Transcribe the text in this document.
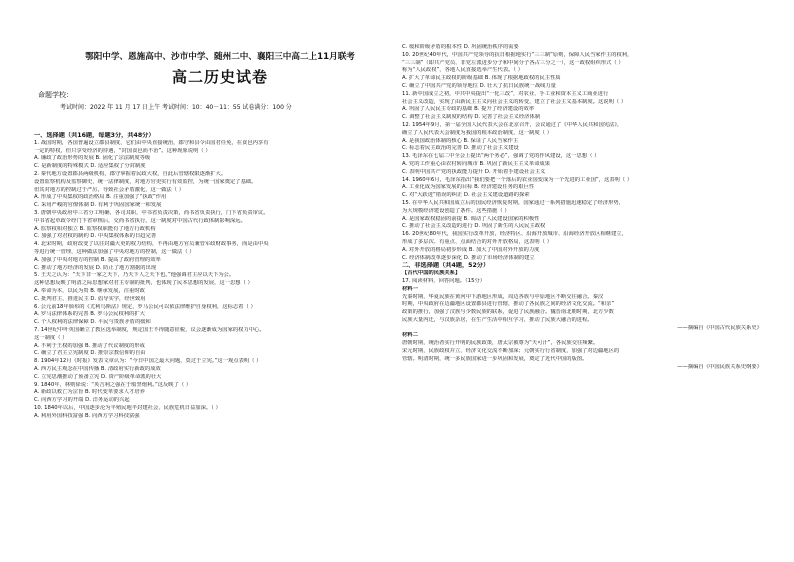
鄂阳中学、恩施高中、沙市中学、随州二中、襄阳三中高二上11月联考
高二历史试卷
命题学校：
考试时间：2022 年 11 月 17 日上午 考试时间：10：40－11：55 试卷满分：100 分
一、选择题（共16题，每题3分，共48分）
1. 战国时期，各国普遍设立郡县制度，它们由中央直接统治，郡守和县令由国君任免，在食邑内享有
一定的特权，但只享受经济的待遇，“封国食邑而不治”。这种现象说明（ ）
A. 廉政了政治形势的发展 B. 固化了宗法制度等级
C. 是新制度的特殊模式 D. 适应集权了分封制度
2. 秦代地方设置郡县两级机构，郡守掌握着民政大权，自此后管辖权限逐渐扩大。
设置监察机构及监察御史，统一法律制度，对地方官吏实行有效监控，为统一国家奠定了基础。
但其对地方的控制过于严厉，导致社会矛盾激化，这一做法（ ）
A. 形成了中央集权的政治格局 B. 注重加强了“执政”作用
C. 采用严峻的官僚体制 D. 有利于巩固国家统一和发展
3. 唐朝中央政府中三省分工明确，各司其职，中书省负责决策，尚书省负责执行，门下省负责审议。
中书省起草政令经门下省审核后，交尚书省执行，这一制度对中国古代行政体制影响深远。
A. 监察权相对独立 B. 监察权职能有了地方行政机构
C. 加强了对君权的制约 D. 中央集权体系的日趋完善
4. 北宋时期，政府改变了以往封疆大吏的权力结构，不再由地方官员兼管军政财政事务，而是由中央
等进行统一管理，这种做法加强了中央对地方的控制，这一做法（ ）
A. 加强了中央对地方的控制 B. 提高了政府管理的效率
C. 推动了地方经济的发展 D. 防止了地方割据的出现
5. 王夫之认为：“天下非一家之天下，乃天下人之天下也。”他强调君主应以天下为公。
这种思想反映了明清之际思想家对君主专制的批判，也体现了民本思想的发展，这一思想（ ）
A. 奉命为本，以民为贵 B. 继承发展，注重时政
C. 批判君主，推进民主 D. 倡导实学，经世致用
6. 公元前18年颁布的《尤利乌斯法》规定，罗马公民可以依法律维护自身权利，这标志着（ ）
A. 罗马法律体系的完善 B. 罗马公民权利的扩大
C. 个人权利的法律保障 D. 平民与贵族矛盾的缓和
7. 14世纪中叶英国确立了教区选举制度，规定国王不得随意征税，议会逐渐成为国家的权力中心。
这一制度（ ）
A. 不利于王权的加强 B. 推动了代议制度的形成
C. 确立了君主立宪制度 D. 推崇宗教信仰的自由
8. 1904年12月《时报》发表文章认为：“今日中国之最大问题，莫过于立宪。”这一观点表明（ ）
A. 西方民主观念在中国传播 B. 清政府实行新政的成效
C. 立宪思潮推动了预备立宪 D. 资产阶级革命派的壮大
9. 1840年，林则徐说：“英吉利之强在于船坚炮利。”这反映了（ ）
A. 新政以救亡为宗旨 B. 时代变革要求人才培养
C. 向西方学习的开端 D. 洋务运动的兴起
10. 1840年以后，中国逐步沦为半殖民地半封建社会，民族危机日益加深。（ ）
A. 利用外国科技富强 B. 向西方学习科技富强
C. 缓和阶级矛盾的根本性 D. 巩固统治秩序的需要
10. 20世纪40年代，中国共产党领导的抗日根据地实行“三三制”原则，保障人民当家作主的权利，
“三三制”（即共产党员、非党左派进步分子和中间分子各占三分之一），这一政权组织形式（ ）
称为“人民政权”，各地人民直接选举产生代表。（ ）
A. 扩大了革命民主政权的阶级基础 B. 体现了根据地政权的民主性质
C. 确立了中国共产党的领导地位 D. 壮大了抗日民族统一战线力量
11. 新中国成立之初，中共中央提出“一化三改”，对农业、手工业和资本主义工商业进行
社会主义改造，实现了由新民主主义向社会主义的转变，建立了社会主义基本制度。这说明（ ）
A. 巩固了人民民主专政的基础 B. 提升了经济建设的效率
C. 调整了社会主义制度的结构 D. 完善了社会主义经济体制
12. 1954年9月，第一届全国人民代表大会在北京召开，会议通过了《中华人民共和国宪法》，
确立了人民代表大会制度为我国的根本政治制度，这一制度（ ）
A. 是我国政治体制的核心 B. 保证了人民当家作主
C. 标志着民主政治的完善 D. 推动了社会主义建设
13. 毛泽东在七届二中全会上提出“两个务必”，强调了党的作风建设，这一思想（ ）
A. 党的工作重心由农村转向城市 B. 巩固了新民主主义革命成果
C. 表明中国共产党的执政能力提升 D. 开始着手建设社会主义
14. 1960年6月，毛泽东指出“我们要把一个落后的农业国变成为一个先进的工业国”，这表明（ ）
A. 工业化成为国家发展的目标 B. 经济建设任务的艰巨性
C. 对“大跃进”错误的纠正 D. 社会主义建设道路的探索
15. 在中华人民共和国成立后的国民经济恢复时期，国家通过一系列措施迅速稳定了经济形势，
为大规模经济建设创造了条件。这些措施（ ）
A. 是国家政权稳固的前提 B. 调动了人民建设国家的积极性
C. 推动了社会主义改造的进行 D. 巩固了新生的人民民主政权
16. 20世纪80年代，我国实行改革开放，经济特区、沿海开放城市、沿海经济开放区相继建立，
形成了多层次、有重点、点面结合的对外开放格局，这表明（ ）
A. 对外开放的格局初步形成 B. 加大了中国对外开放的力度
C. 经济体制改革逐步深化 D. 推动了市场经济体制的建立
二、非选择题（共4题，52分）
【古代中国的民族关系】
17. 阅读材料，回答问题。（15分）
材料一
先秦时期，华夏民族在黄河中下游地区形成，周边各族与中原地区不断交往融合。秦汉
时期，中央政府在边疆地区设置郡县进行管辖，推动了各民族之间的经济文化交流。“和亲”
政策的推行，加强了汉族与少数民族的联系，促进了民族融合。魏晋南北朝时期，北方少数
民族大量内迁，与汉族杂居，在生产生活中相互学习，推动了民族大融合的进程。
——摘编自《中国古代民族关系史》
材料二
唐朝时期，统治者实行开明的民族政策，唐太宗被尊为“天可汗”，各民族交往频繁。
宋元时期，民族政权并立，经济文化交流不断加深；元朝实行行省制度，加强了对边疆地区的
管辖。明清时期，统一多民族国家进一步巩固和发展，奠定了近代中国的版图。
——摘编自《中国民族关系史纲要》
